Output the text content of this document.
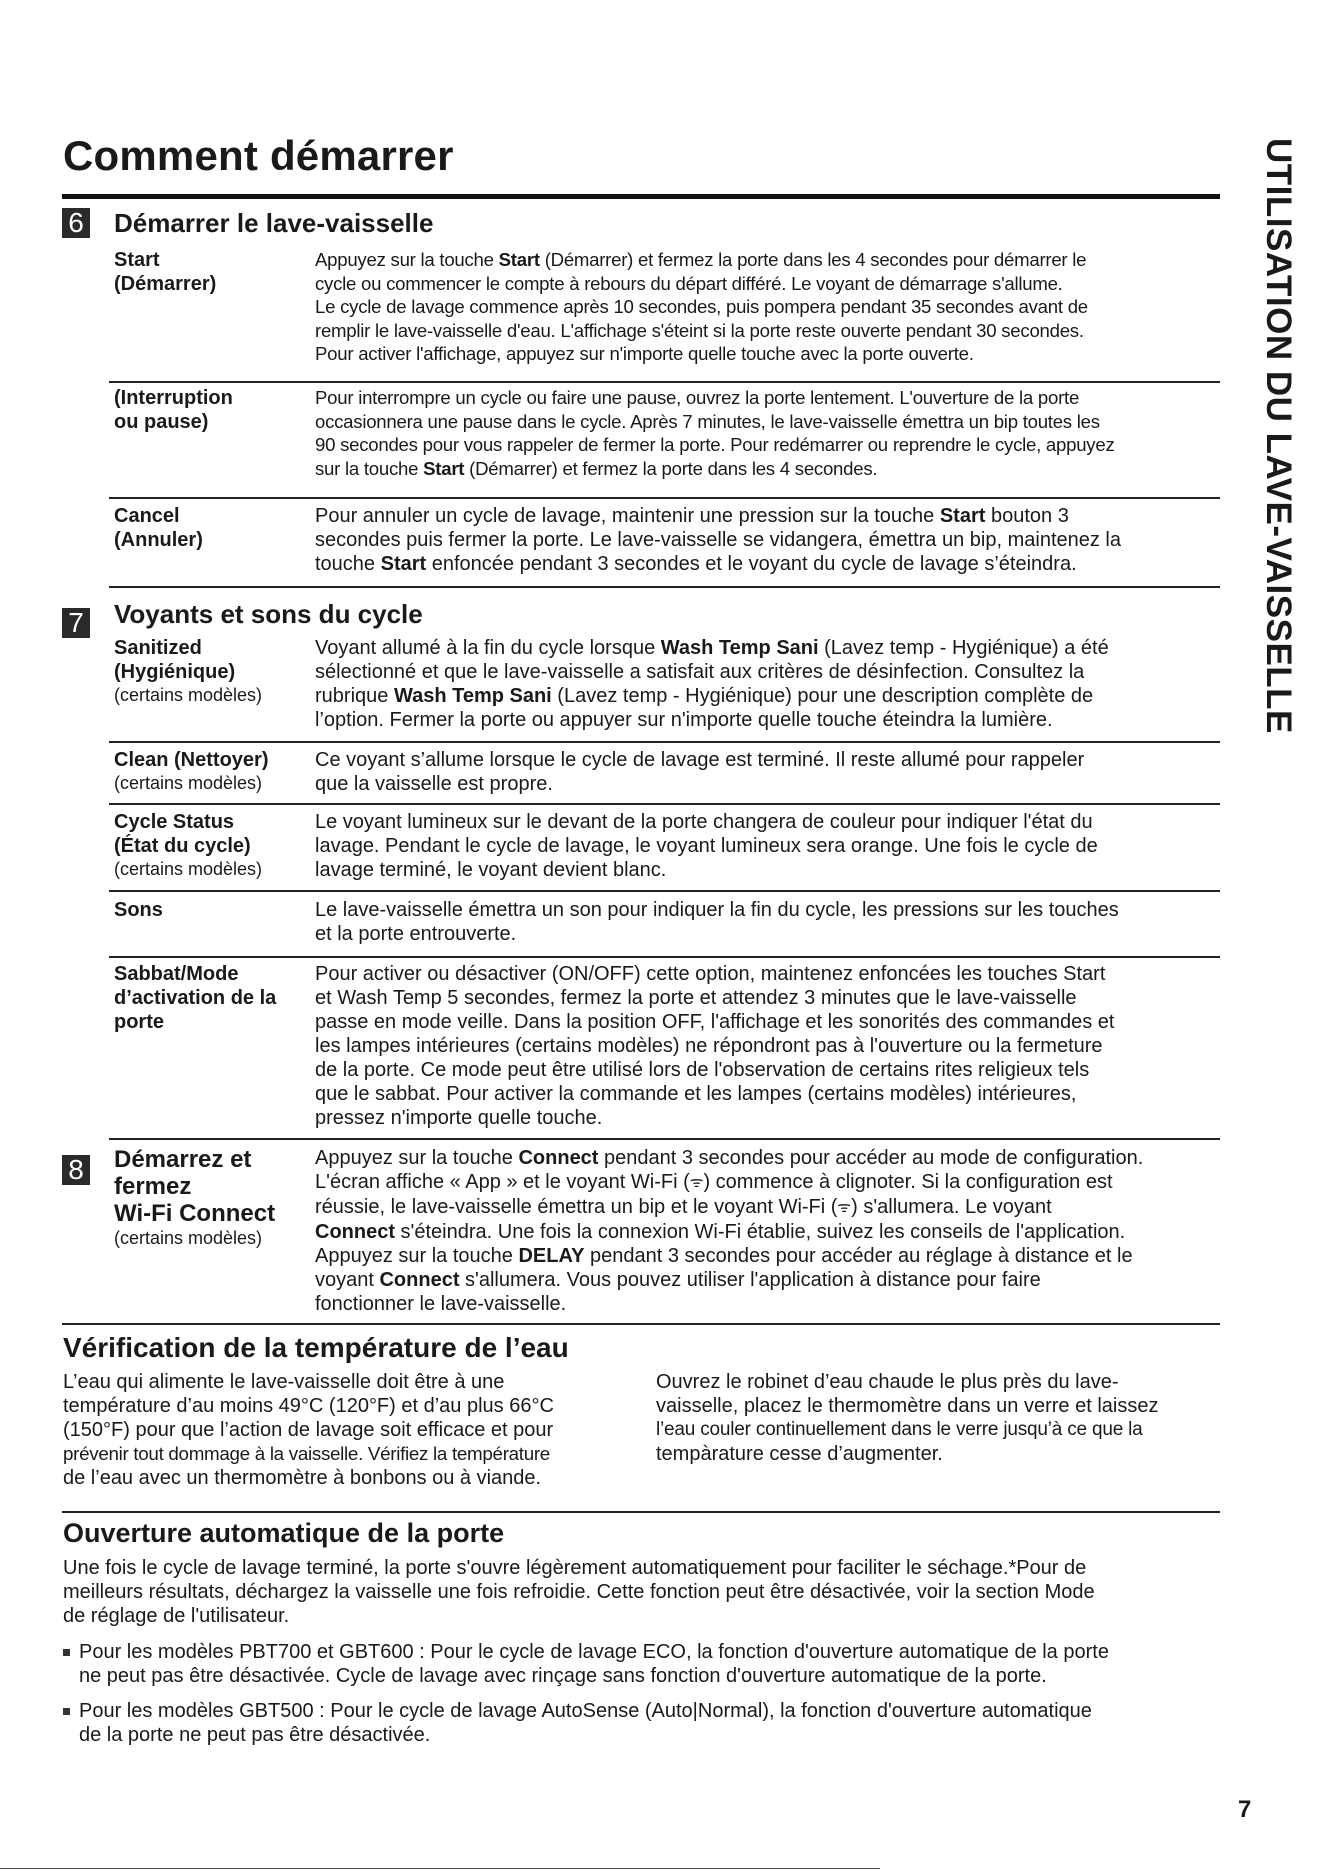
Comment démarrer	UTILISATION DU LAVE-VAISSELLE
6 Démarrer le lave-vaisselle
Start
(Démarrer)
Appuyez sur la touche Start (Démarrer) et fermez la porte dans les 4 secondes pour démarrer le
cycle ou commencer le compte à rebours du départ différé. Le voyant de démarrage s'allume.
Le cycle de lavage commence après 10 secondes, puis pompera pendant 35 secondes avant de
remplir le lave-vaisselle d'eau. L'affichage s'éteint si la porte reste ouverte pendant 30 secondes.
Pour activer l'affichage, appuyez sur n'importe quelle touche avec la porte ouverte.
(Interruption
ou pause)
Pour interrompre un cycle ou faire une pause, ouvrez la porte lentement. L'ouverture de la porte
occasionnera une pause dans le cycle. Après 7 minutes, le lave-vaisselle émettra un bip toutes les
90 secondes pour vous rappeler de fermer la porte. Pour redémarrer ou reprendre le cycle, appuyez
sur la touche Start (Démarrer) et fermez la porte dans les 4 secondes.
Cancel
(Annuler)
Pour annuler un cycle de lavage, maintenir une pression sur la touche Start bouton 3
secondes puis fermer la porte. Le lave-vaisselle se vidangera, émettra un bip, maintenez la
touche Start enfoncée pendant 3 secondes et le voyant du cycle de lavage s’éteindra.
7 Voyants et sons du cycle
Sanitized
(Hygiénique)
(certains modèles)
Voyant allumé à la fin du cycle lorsque Wash Temp Sani (Lavez temp - Hygiénique) a été
sélectionné et que le lave-vaisselle a satisfait aux critères de désinfection. Consultez la
rubrique Wash Temp Sani (Lavez temp - Hygiénique) pour une description complète de
l’option. Fermer la porte ou appuyer sur n'importe quelle touche éteindra la lumière.
Clean (Nettoyer)
(certains modèles)
Ce voyant s’allume lorsque le cycle de lavage est terminé. Il reste allumé pour rappeler
que la vaisselle est propre.
Cycle Status
(État du cycle)
(certains modèles)
Le voyant lumineux sur le devant de la porte changera de couleur pour indiquer l'état du
lavage. Pendant le cycle de lavage, le voyant lumineux sera orange. Une fois le cycle de
lavage terminé, le voyant devient blanc.
Sons	Le lave-vaisselle émettra un son pour indiquer la fin du cycle, les pressions sur les touches
et la porte entrouverte.
Sabbat/Mode
d’activation de la
porte
Pour activer ou désactiver (ON/OFF) cette option, maintenez enfoncées les touches Start
et Wash Temp 5 secondes, fermez la porte et attendez 3 minutes que le lave-vaisselle
passe en mode veille. Dans la position OFF, l'affichage et les sonorités des commandes et
les lampes intérieures (certains modèles) ne répondront pas à l'ouverture ou la fermeture
de la porte. Ce mode peut être utilisé lors de l'observation de certains rites religieux tels
que le sabbat. Pour activer la commande et les lampes (certains modèles) intérieures,
pressez n'importe quelle touche.
8 Démarrez et
fermez
Wi-Fi Connect
(certains modèles)
Appuyez sur la touche Connect pendant 3 secondes pour accéder au mode de configuration.
L'écran affiche « App » et le voyant Wi-Fi (ᯤ) commence à clignoter. Si la configuration est
réussie, le lave-vaisselle émettra un bip et le voyant Wi-Fi (ᯤ) s'allumera. Le voyant
Connect s'éteindra. Une fois la connexion Wi-Fi établie, suivez les conseils de l'application.
Appuyez sur la touche DELAY pendant 3 secondes pour accéder au réglage à distance et le
voyant Connect s'allumera. Vous pouvez utiliser l'application à distance pour faire
fonctionner le lave-vaisselle.
Vérification de la température de l’eau
L’eau qui alimente le lave-vaisselle doit être à une
température d’au moins 49°C (120°F) et d’au plus 66°C
(150°F) pour que l’action de lavage soit efficace et pour
prévenir tout dommage à la vaisselle. Vérifiez la température
de l’eau avec un thermomètre à bonbons ou à viande.
Ouvrez le robinet d’eau chaude le plus près du lave-
vaisselle, placez le thermomètre dans un verre et laissez
l’eau couler continuellement dans le verre jusqu’à ce que la
tempàrature cesse d’augmenter.
Ouverture automatique de la porte
Une fois le cycle de lavage terminé, la porte s'ouvre légèrement automatiquement pour faciliter le séchage.*Pour de
meilleurs résultats, déchargez la vaisselle une fois refroidie. Cette fonction peut être désactivée, voir la section Mode
de réglage de l'utilisateur.
Pour les modèles PBT700 et GBT600 : Pour le cycle de lavage ECO, la fonction d'ouverture automatique de la porte
ne peut pas être désactivée. Cycle de lavage avec rinçage sans fonction d'ouverture automatique de la porte.
Pour les modèles GBT500 : Pour le cycle de lavage AutoSense (Auto|Normal), la fonction d'ouverture automatique
de la porte ne peut pas être désactivée.
7
